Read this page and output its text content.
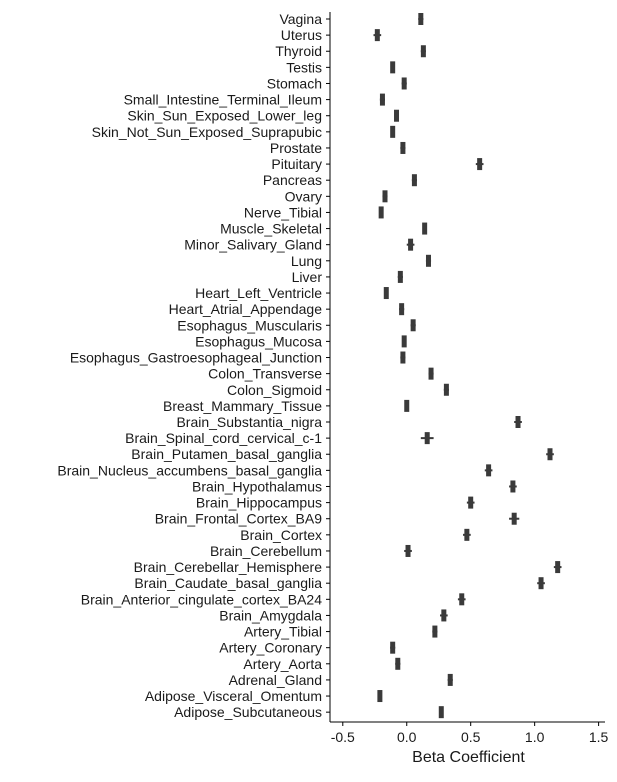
Vagina
Uterus
Thyroid
Testis
Stomach
Small_Intestine_Terminal_Ileum
Skin_Sun_Exposed_Lower_leg
Skin_Not_Sun_Exposed_Suprapubic
Prostate
Pituitary
Pancreas
Ovary
Nerve_Tibial
Muscle_Skeletal
Minor_Salivary_Gland
Lung
Liver
Heart_Left_Ventricle
Heart_Atrial_Appendage
Esophagus_Muscularis
Esophagus_Mucosa
Esophagus_Gastroesophageal_Junction
Colon_Transverse
Colon_Sigmoid
Breast_Mammary_Tissue
Brain_Substantia_nigra
Brain_Spinal_cord_cervical_c-1
Brain_Putamen_basal_ganglia
Brain_Nucleus_accumbens_basal_ganglia
Brain_Hypothalamus
Brain_Hippocampus
Brain_Frontal_Cortex_BA9
Brain_Cortex
Brain_Cerebellum
Brain_Cerebellar_Hemisphere
Brain_Caudate_basal_ganglia
Brain_Anterior_cingulate_cortex_BA24
Brain_Amygdala
Artery_Tibial
Artery_Coronary
Artery_Aorta
Adrenal_Gland
Adipose_Visceral_Omentum
Adipose_Subcutaneous
-0.5	0.0	0.5	1.0	1.5
Beta Coefficient
